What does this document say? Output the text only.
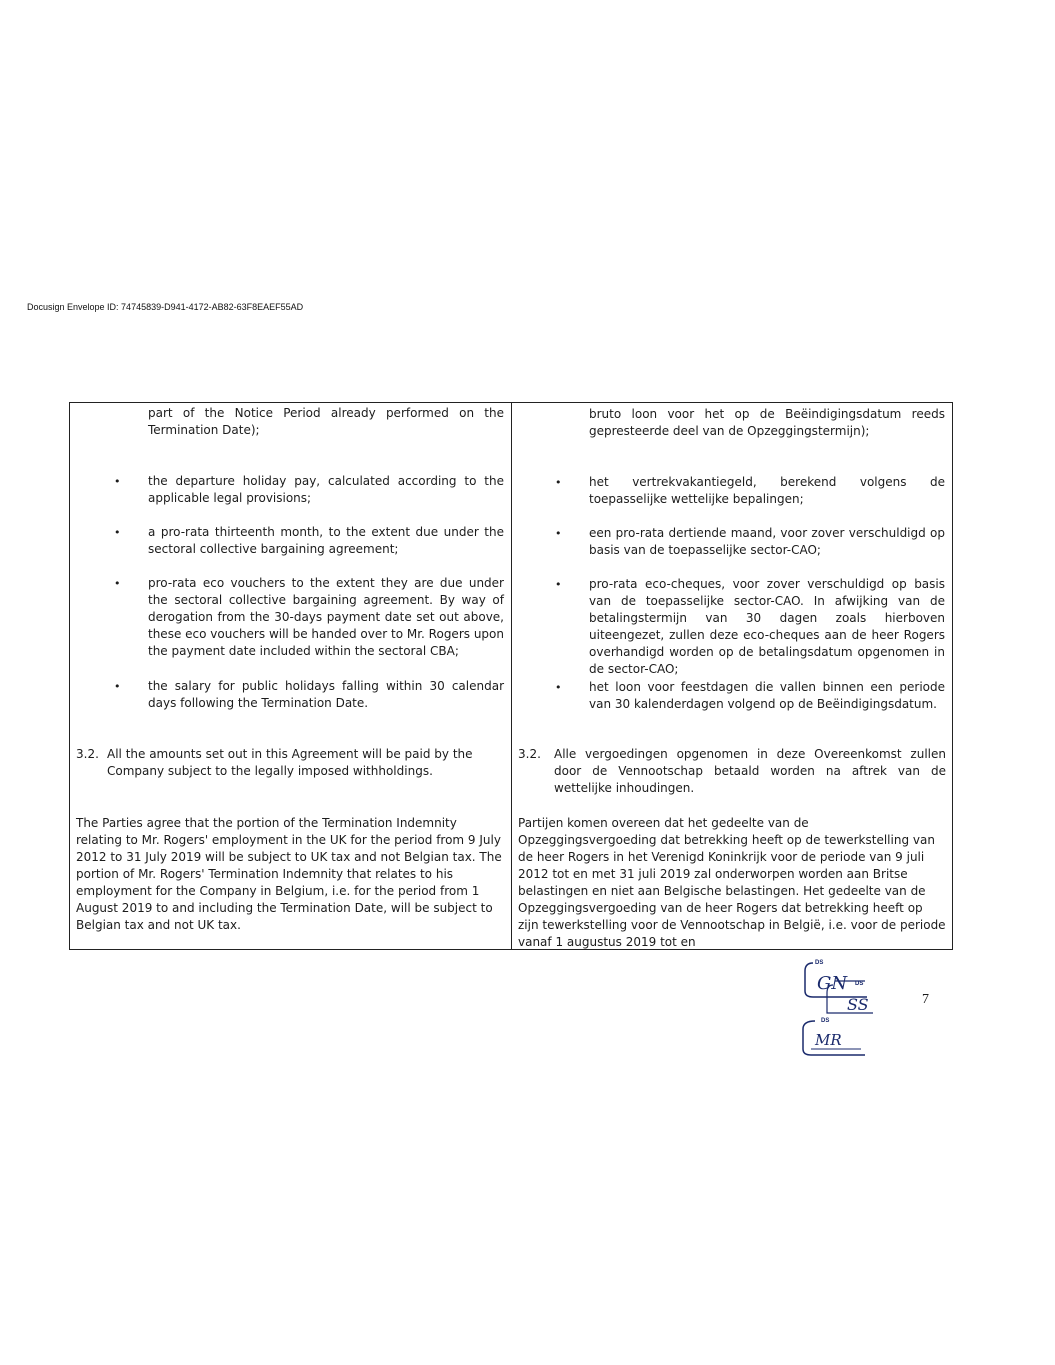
Docusign Envelope ID: 74745839-D941-4172-AB82-63F8EAEF55AD
part of the Notice Period already performed on the Termination Date);
• the departure holiday pay, calculated according to the applicable legal provisions;
• a pro-rata thirteenth month, to the extent due under the sectoral collective bargaining agreement;
• pro-rata eco vouchers to the extent they are due under the sectoral collective bargaining agreement. By way of derogation from the 30-days payment date set out above, these eco vouchers will be handed over to Mr. Rogers upon the payment date included within the sectoral CBA;
• the salary for public holidays falling within 30 calendar days following the Termination Date.
3.2. All the amounts set out in this Agreement will be paid by the Company subject to the legally imposed withholdings.
The Parties agree that the portion of the Termination Indemnity relating to Mr. Rogers' employment in the UK for the period from 9 July 2012 to 31 July 2019 will be subject to UK tax and not Belgian tax. The portion of Mr. Rogers' Termination Indemnity that relates to his employment for the Company in Belgium, i.e. for the period from 1 August 2019 to and including the Termination Date, will be subject to Belgian tax and not UK tax.
bruto loon voor het op de Beëindigingsdatum reeds gepresteerde deel van de Opzeggingstermijn);
• het vertrekvakantiegeld, berekend volgens de toepasselijke wettelijke bepalingen;
• een pro-rata dertiende maand, voor zover verschuldigd op basis van de toepasselijke sector-CAO;
• pro-rata eco-cheques, voor zover verschuldigd op basis van de toepasselijke sector-CAO. In afwijking van de betalingstermijn van 30 dagen zoals hierboven uiteengezet, zullen deze eco-cheques aan de heer Rogers overhandigd worden op de betalingsdatum opgenomen in de sector-CAO;
• het loon voor feestdagen die vallen binnen een periode van 30 kalenderdagen volgend op de Beëindigingsdatum.
3.2. Alle vergoedingen opgenomen in deze Overeenkomst zullen door de Vennootschap betaald worden na aftrek van de wettelijke inhoudingen.
Partijen komen overeen dat het gedeelte van de Opzeggingsvergoeding dat betrekking heeft op de tewerkstelling van de heer Rogers in het Verenigd Koninkrijk voor de periode van 9 juli 2012 tot en met 31 juli 2019 zal onderworpen worden aan Britse belastingen en niet aan Belgische belastingen. Het gedeelte van de Opzeggingsvergoeding van de heer Rogers dat betrekking heeft op zijn tewerkstelling voor de Vennootschap in België, i.e. voor de periode vanaf 1 augustus 2019 tot en
DS
GN DS
SS
DS
MR
7
